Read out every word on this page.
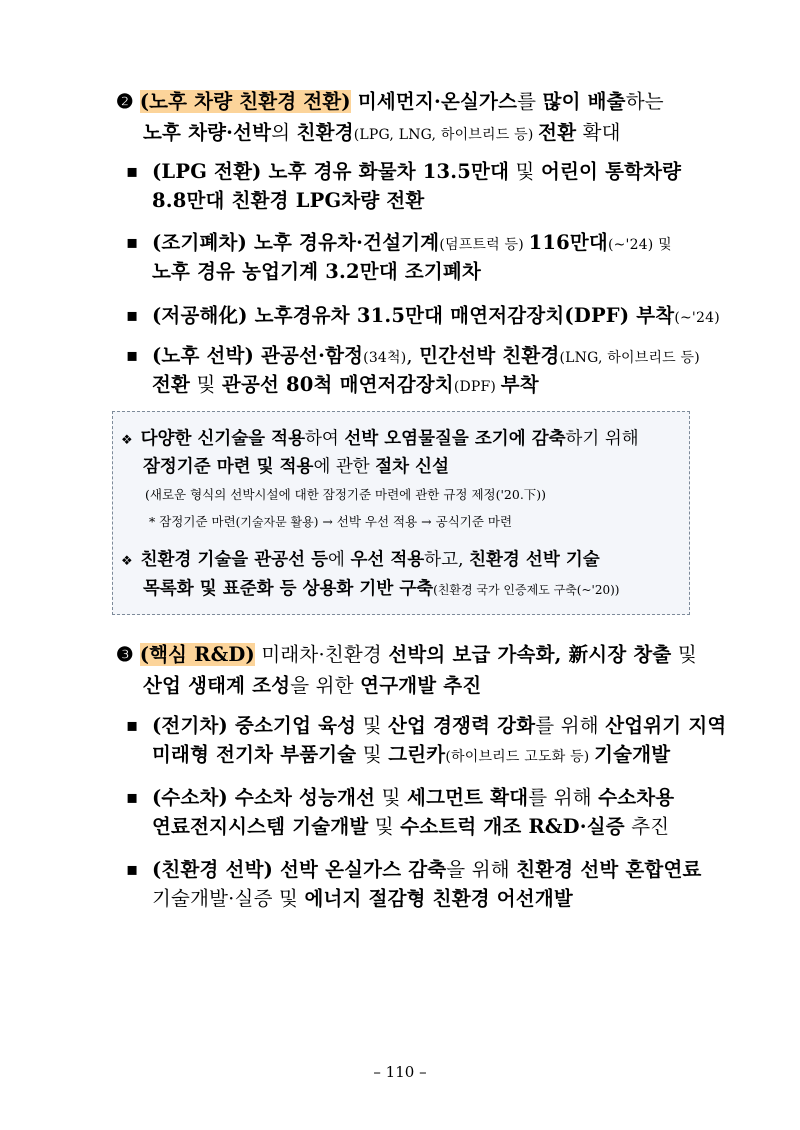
❷ (노후 차량 친환경 전환) 미세먼지·온실가스를 많이 배출하는
노후 차량·선박의 친환경(LPG, LNG, 하이브리드 등) 전환 확대
▪ (LPG 전환) 노후 경유 화물차 13.5만대 및 어린이 통학차량
8.8만대 친환경 LPG차량 전환
▪ (조기폐차) 노후 경유차·건설기계(덤프트럭 등) 116만대(~'24) 및
노후 경유 농업기계 3.2만대 조기폐차
▪ (저공해化) 노후경유차 31.5만대 매연저감장치(DPF) 부착(~'24)
▪ (노후 선박) 관공선·함정(34척), 민간선박 친환경(LNG, 하이브리드 등)
전환 및 관공선 80척 매연저감장치(DPF) 부착
❖ 다양한 신기술을 적용하여 선박 오염물질을 조기에 감축하기 위해
잠정기준 마련 및 적용에 관한 절차 신설
(새로운 형식의 선박시설에 대한 잠정기준 마련에 관한 규정 제정('20.下))
* 잠정기준 마련(기술자문 활용) → 선박 우선 적용 → 공식기준 마련
❖ 친환경 기술을 관공선 등에 우선 적용하고, 친환경 선박 기술
목록화 및 표준화 등 상용화 기반 구축(친환경 국가 인증제도 구축(~'20))
❸ (핵심 R&D) 미래차·친환경 선박의 보급 가속화, 新시장 창출 및
산업 생태계 조성을 위한 연구개발 추진
▪ (전기차) 중소기업 육성 및 산업 경쟁력 강화를 위해 산업위기 지역
미래형 전기차 부품기술 및 그린카(하이브리드 고도화 등) 기술개발
▪ (수소차) 수소차 성능개선 및 세그먼트 확대를 위해 수소차용
연료전지시스템 기술개발 및 수소트럭 개조 R&D·실증 추진
▪ (친환경 선박) 선박 온실가스 감축을 위해 친환경 선박 혼합연료
기술개발·실증 및 에너지 절감형 친환경 어선개발
– 110 –
